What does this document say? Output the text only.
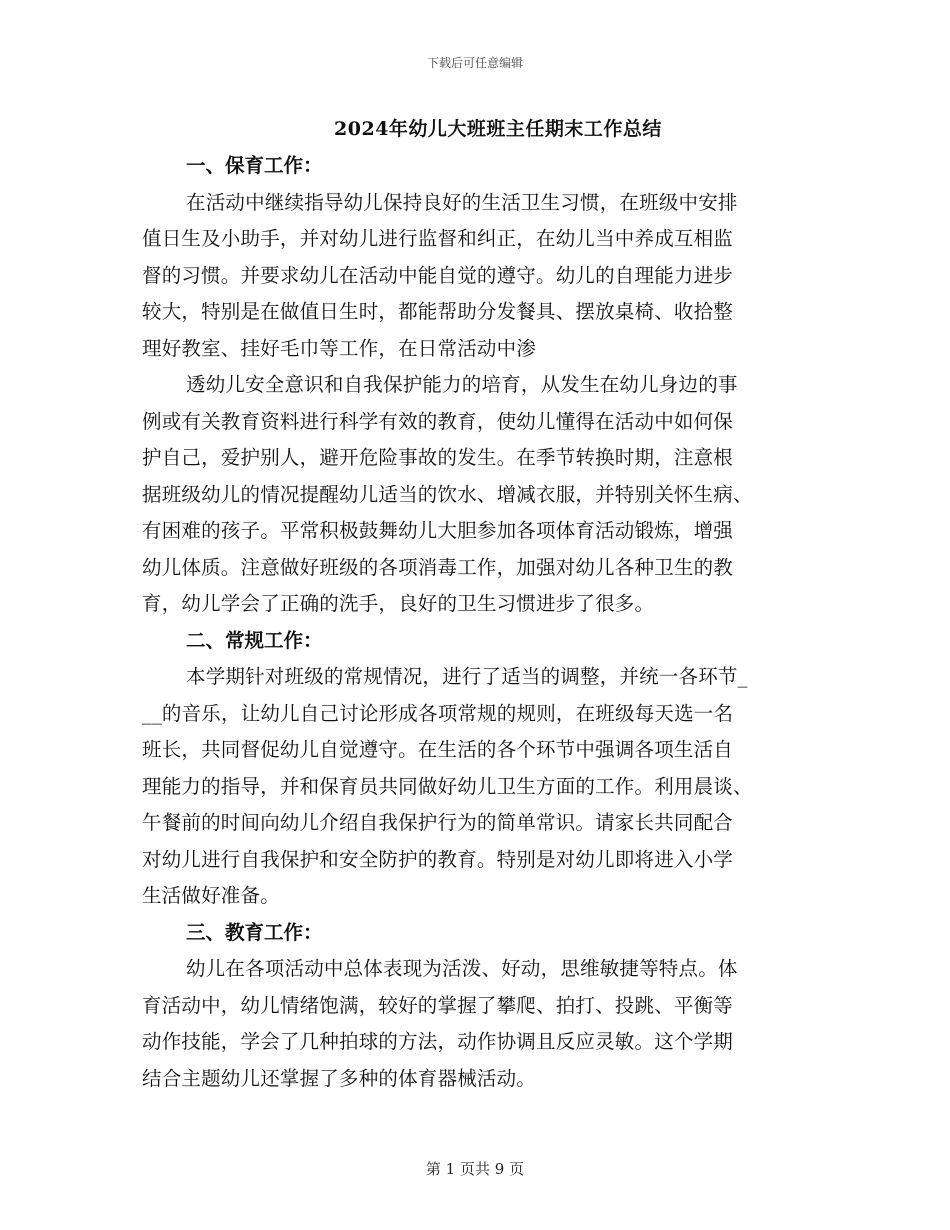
下载后可任意编辑
2024年幼儿大班班主任期末工作总结

一、保育工作：

在活动中继续指导幼儿保持良好的生活卫生习惯，在班级中安排
值日生及小助手，并对幼儿进行监督和纠正，在幼儿当中养成互相监
督的习惯。并要求幼儿在活动中能自觉的遵守。幼儿的自理能力进步
较大，特别是在做值日生时，都能帮助分发餐具、摆放桌椅、收拾整
理好教室、挂好毛巾等工作，在日常活动中渗

透幼儿安全意识和自我保护能力的培育，从发生在幼儿身边的事
例或有关教育资料进行科学有效的教育，使幼儿懂得在活动中如何保
护自己，爱护别人，避开危险事故的发生。在季节转换时期，注意根
据班级幼儿的情况提醒幼儿适当的饮水、增减衣服，并特别关怀生病、
有困难的孩子。平常积极鼓舞幼儿大胆参加各项体育活动锻炼，增强
幼儿体质。注意做好班级的各项消毒工作，加强对幼儿各种卫生的教
育，幼儿学会了正确的洗手，良好的卫生习惯进步了很多。

二、常规工作：

本学期针对班级的常规情况，进行了适当的调整，并统一各环节_
__的音乐，让幼儿自己讨论形成各项常规的规则，在班级每天选一名
班长，共同督促幼儿自觉遵守。在生活的各个环节中强调各项生活自
理能力的指导，并和保育员共同做好幼儿卫生方面的工作。利用晨谈、
午餐前的时间向幼儿介绍自我保护行为的简单常识。请家长共同配合
对幼儿进行自我保护和安全防护的教育。特别是对幼儿即将进入小学
生活做好准备。

三、教育工作：

幼儿在各项活动中总体表现为活泼、好动，思维敏捷等特点。体
育活动中，幼儿情绪饱满，较好的掌握了攀爬、拍打、投跳、平衡等
动作技能，学会了几种拍球的方法，动作协调且反应灵敏。这个学期
结合主题幼儿还掌握了多种的体育器械活动。

第 1 页共 9 页
